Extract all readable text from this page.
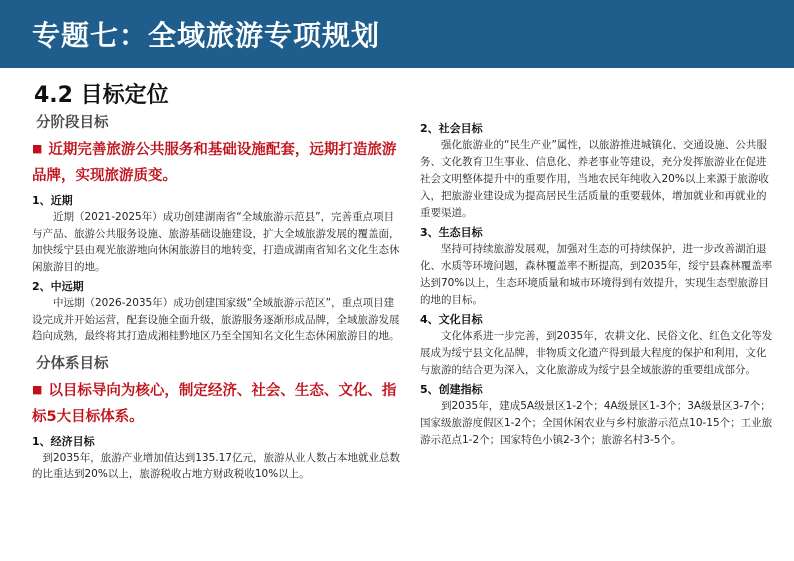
专题七：全域旅游专项规划
4.2 目标定位
分阶段目标
■ 近期完善旅游公共服务和基础设施配套，远期打造旅游品牌，实现旅游质变。
1、近期
近期（2021-2025年）成功创建湖南省“全域旅游示范县”，完善重点项目与产品、旅游公共服务设施、旅游基础设施建设，扩大全域旅游发展的覆盖面，加快绥宁县由观光旅游地向休闲旅游目的地转变，打造成湖南省知名文化生态休闲旅游目的地。
2、中远期
中远期（2026-2035年）成功创建国家级“全域旅游示范区”，重点项目建设完成并开始运营，配套设施全面升级，旅游服务逐渐形成品牌，全域旅游发展趋向成熟，最终将其打造成湘桂黔地区乃至全国知名文化生态休闲旅游目的地。
分体系目标
■ 以目标导向为核心，制定经济、社会、生态、文化、指标5大目标体系。
1、经济目标
到2035年，旅游产业增加值达到135.17亿元，旅游从业人数占本地就业总数的比重达到20%以上，旅游税收占地方财政税收10%以上。
2、社会目标
强化旅游业的“民生产业”属性，以旅游推进城镇化、交通设施、公共服务、文化教育卫生事业、信息化、养老事业等建设，充分发挥旅游业在促进社会文明整体提升中的重要作用，当地农民年纯收入20%以上来源于旅游收入，把旅游业建设成为提高居民生活质量的重要载体，增加就业和再就业的重要渠道。
3、生态目标
坚持可持续旅游发展观，加强对生态的可持续保护，进一步改善湖泊退化、水质等环境问题，森林覆盖率不断提高，到2035年，绥宁县森林覆盖率达到70%以上，生态环境质量和城市环境得到有效提升，实现生态型旅游目的地的目标。
4、文化目标
文化体系进一步完善，到2035年，农耕文化、民俗文化、红色文化等发展成为绥宁县文化品牌，非物质文化遗产得到最大程度的保护和利用，文化与旅游的结合更为深入，文化旅游成为绥宁县全域旅游的重要组成部分。
5、创建指标
到2035年，建成5A级景区1-2个；4A级景区1-3个；3A级景区3-7个；国家级旅游度假区1-2个；全国休闲农业与乡村旅游示范点10-15个；工业旅游示范点1-2个；国家特色小镇2-3个；旅游名村3-5个。
